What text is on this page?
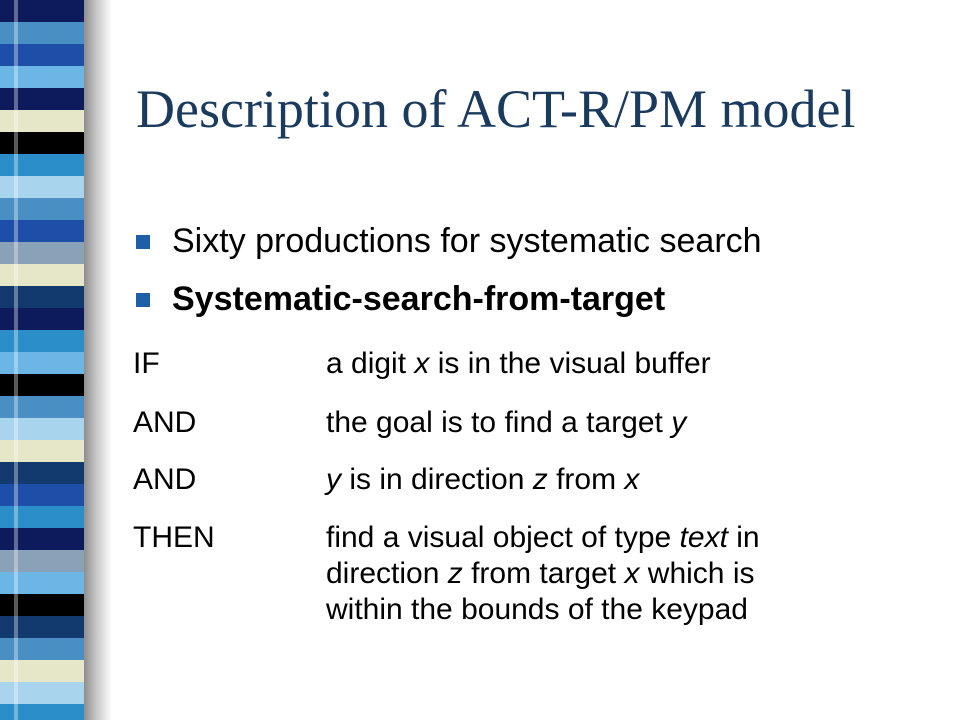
Description of ACT-R/PM model
Sixty productions for systematic search
Systematic-search-from-target
IF	a digit x is in the visual buffer
AND	the goal is to find a target y
AND	y is in direction z from x
THEN	find a visual object of type text in
direction z from target x which is
within the bounds of the keypad
